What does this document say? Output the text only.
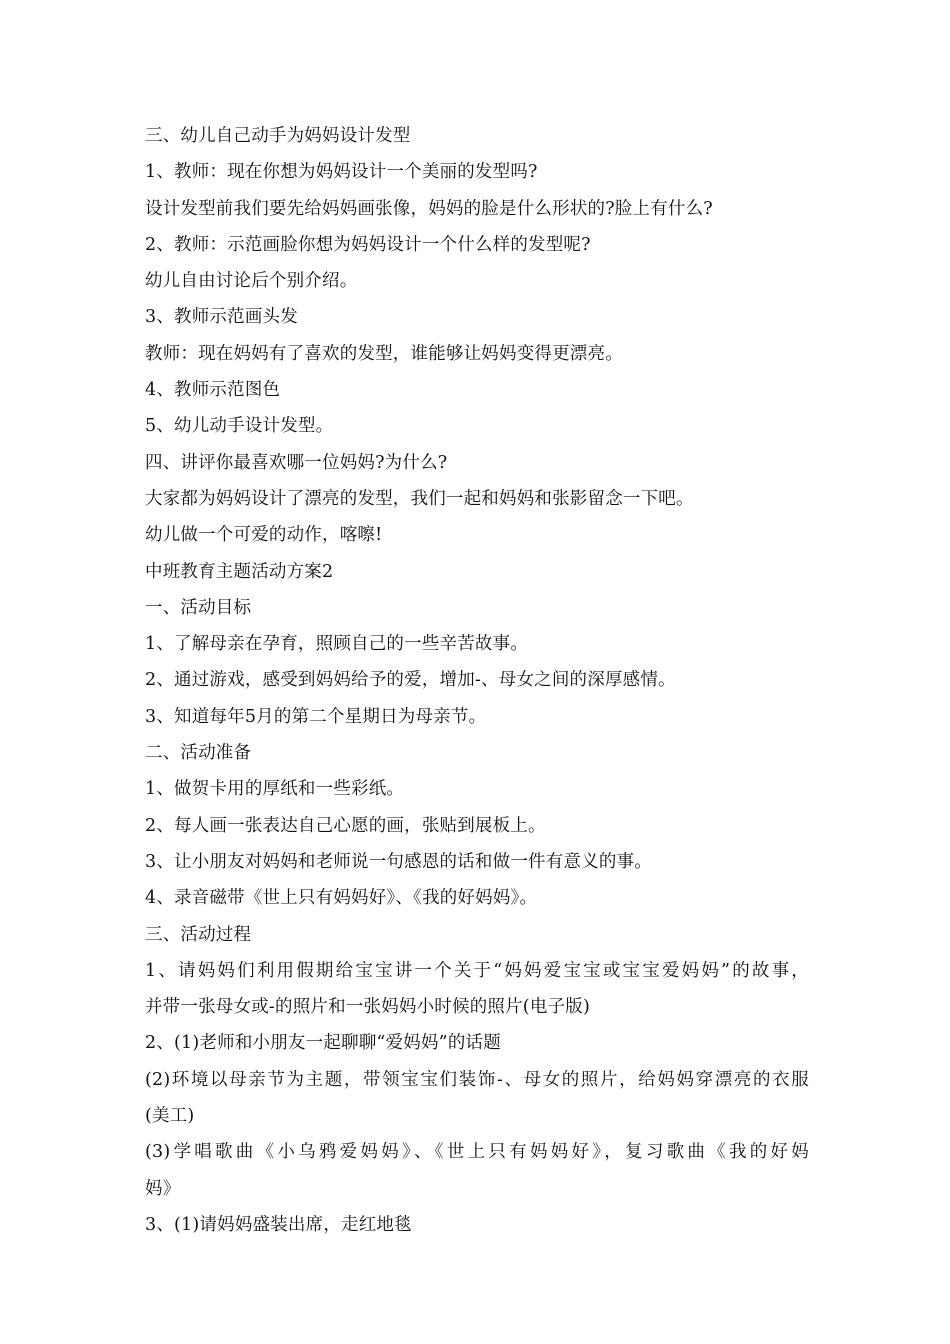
三、幼儿自己动手为妈妈设计发型
1、教师：现在你想为妈妈设计一个美丽的发型吗?
设计发型前我们要先给妈妈画张像，妈妈的脸是什么形状的?脸上有什么?
2、教师：示范画脸你想为妈妈设计一个什么样的发型呢?
幼儿自由讨论后个别介绍。
3、教师示范画头发
教师：现在妈妈有了喜欢的发型，谁能够让妈妈变得更漂亮。
4、教师示范图色
5、幼儿动手设计发型。
四、讲评你最喜欢哪一位妈妈?为什么?
大家都为妈妈设计了漂亮的发型，我们一起和妈妈和张影留念一下吧。
幼儿做一个可爱的动作，喀嚓!
中班教育主题活动方案2
一、活动目标
1、了解母亲在孕育，照顾自己的一些辛苦故事。
2、通过游戏，感受到妈妈给予的爱，增加-、母女之间的深厚感情。
3、知道每年5月的第二个星期日为母亲节。
二、活动准备
1、做贺卡用的厚纸和一些彩纸。
2、每人画一张表达自己心愿的画，张贴到展板上。
3、让小朋友对妈妈和老师说一句感恩的话和做一件有意义的事。
4、录音磁带《世上只有妈妈好》、《我的好妈妈》。
三、活动过程
1、请妈妈们利用假期给宝宝讲一个关于“妈妈爱宝宝或宝宝爱妈妈”的故事，
并带一张母女或-的照片和一张妈妈小时候的照片(电子版)
2、(1)老师和小朋友一起聊聊“爱妈妈”的话题
(2)环境以母亲节为主题，带领宝宝们装饰-、母女的照片，给妈妈穿漂亮的衣服
(美工)
(3)学唱歌曲《小乌鸦爱妈妈》、《世上只有妈妈好》，复习歌曲《我的好妈
妈》
3、(1)请妈妈盛装出席，走红地毯
